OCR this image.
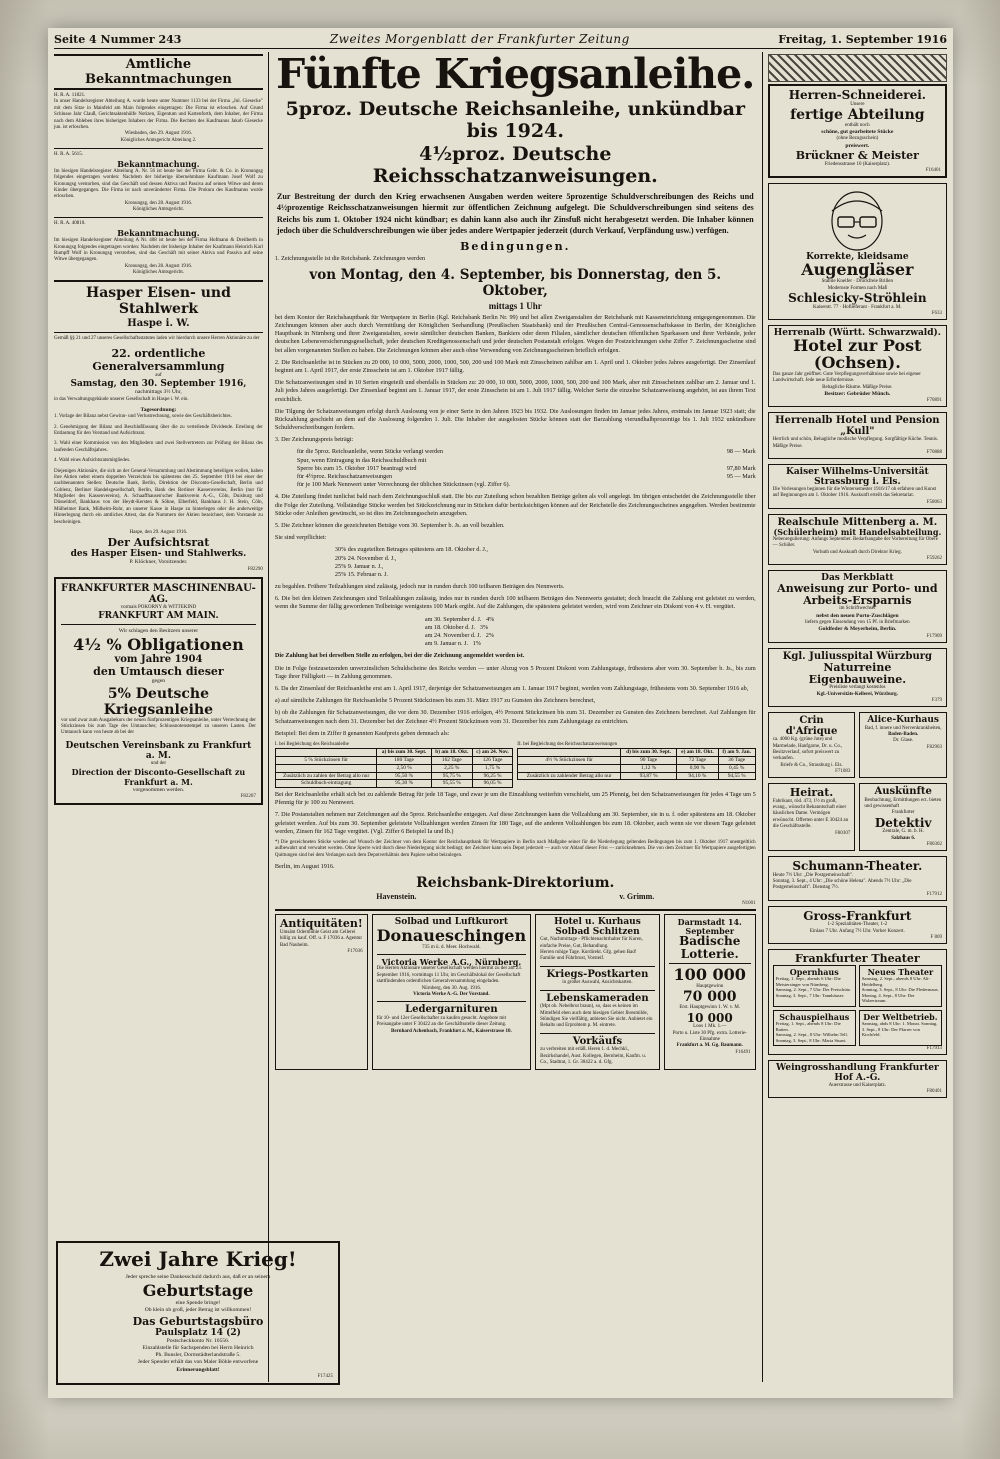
Seite 4 Nummer 243	Zweites Morgenblatt der Frankfurter Zeitung	Freitag, 1. September 1916
Amtliche Bekanntmachungen
H. R. A. 11821.
In unser Handelsregister Abteilung A. wurde heute unter Nummer 1133 bei der Firma „Jul. Giesecke" mit dem Sitze in Mainfeld am Main folgendes eingetragen: Die Firma ist erloschen. Auf Grund Schlusse Jahr Clauß, Gerichtsaktenhülfe Notizen, Eigentum und Kartenforth, dem Inhaber, der Firma nach dem Ableben ihres bisherigen Inhabers der Firma. Die Rechten des Kaufmanns Jakob Giesecke jun. ist erloschen.
Wiesbaden, den 29. August 1916.
Königliches Amtsgericht Abteilung 2.
H. R. A. 5615.
Bekanntmachung.
Im hiesigen Handelsregister Abteilung A. Nr. 56 ist heute bei der Firma Gebr. & Co. in Kronungsg folgendes eingetragen worden: Nachdem der bisherige übernehmbare Kaufmann Josef Wolf zu Kronungsg verstorben, sind das Geschäft und dessen Aktiva und Passiva auf seinen Witwe und deren Kinder übergegangen. Die Firma ist nach unveränderter Firma. Die Prokura des Kaufmanns wurde erloschen.
Kronungsg, den 28. August 1916.
Königliches Amtsgericht.
H. R. A. 40810.
Bekanntmachung.
Im hiesigen Handelsregister Abteilung A Nr. 408 ist heute bei der Firma Hofmann & Dreilberth in Kronungsg folgendes eingetragen worden: Nachdem der bisherige Inhaber der Kaufmann Heinrich Karl Rumpff Wolf in Kronungsg verstorben, sind das Geschäft mit seiner Aktiva und Passiva auf seine Witwe übergegangen.
Kronungsg, den 28. August 1916.
Königliches Amtsgericht.
Hasper Eisen- und Stahlwerk
Haspe i. W.
Gemäß §§ 21 und 27 unseres Gesellschaftsstatutes laden wir hierdurch unsere Herren Aktionäre zu der
22. ordentliche Generalversammlung
auf
Samstag, den 30. September 1916,
nachmittags 3½ Uhr,
in das Verwaltungsgebäude unserer Gesellschaft in Haspe i. W. ein.
Tagesordnung:
1. Vorlage der Bilanz nebst Gewinn- und Verlustrechnung, sowie des Geschäftsberichtes.
2. Genehmigung der Bilanz und Beschlußfassung über die zu verteilende Dividende. Erteilung der Entlastung für den Vorstand und Aufsichtsrat.
3. Wahl einer Kommission von den Mitgliedern und zwei Stellvertretern zur Prüfung der Bilanz des laufenden Geschäftsjahres.
4. Wahl eines Aufsichtsratsmitgliedes.
Diejenigen Aktionäre, die sich an der General-Versammlung und Abstimmung beteiligen wollen, haben ihre Aktien nebst einem doppelten Verzeichnis bis spätestens den 25. September 1916 bei einer der nachbenannten Stellen: Deutsche Bank, Berlin, Direktion der Disconto-Gesellschaft, Berlin und Coblenz, Berliner Handelsgesellschaft, Berlin, Bank des Berliner Kassenvereins, Berlin (nur für Mitglieder des Kassenvereins), A. Schaaffhausen'scher Bankverein A.-G., Cöln, Duisburg und Düsseldorf, Bankhaus von der Heydt-Kersten & Söhne, Elberfeld, Bankhaus J. H. Stein, Cöln, Mülheimer Bank, Mülheim-Ruhr, an unserer Kasse in Haspe zu hinterlegen oder die anderweitige Hinterlegung durch ein amtliches Attest, das die Nummern der Aktien bezeichnet, dem Vorstande zu bescheinigen.
Haspe, den 29. August 1916.
Der Aufsichtsrat
des Hasper Eisen- und Stahlwerks.
P. Klöckner, Vorsitzender.
F82290
FRANKFURTER MASCHINENBAU-AG.
vormals POKORNY & WITTEKIND
FRANKFURT AM MAIN.
Wir schlagen den Besitzern unserer
4½ % Obligationen
vom Jahre 1904
den Umtausch dieser
gegen
5% Deutsche Kriegsanleihe
vor und zwar zum Ausgabekurs der neuen fünfprozentigen Kriegsanleihe, unter Verrechnung der Stückzinsen bis zum Tage des Umtausches; Schlussnotenstempel zu unseren Lasten. Der Umtausch kann von heute ab bei der
Deutschen Vereinsbank zu Frankfurt a. M.
und der
Direction der Disconto-Gesellschaft zu Frankfurt a. M.
vorgenommen werden.
F82267
Fünfte Kriegsanleihe.
5proz. Deutsche Reichsanleihe, unkündbar bis 1924.
4½proz. Deutsche Reichsschatzanweisungen.
Zur Bestreitung der durch den Krieg erwachsenen Ausgaben werden weitere 5prozentige Schuldverschreibungen des Reichs und 4½prozentige Reichsschatzanweisungen hiermit zur öffentlichen Zeichnung aufgelegt. Die Schuldverschreibungen sind seitens des Reichs bis zum 1. Oktober 1924 nicht kündbar; es dahin kann also auch ihr Zinsfuß nicht herabgesetzt werden. Die Inhaber können jedoch über die Schuldverschreibungen wie über jedes andere Wertpapier jederzeit (durch Verkauf, Verpfändung usw.) verfügen.
Bedingungen.
1. Zeichnungsstelle ist die Reichsbank. Zeichnungen werden
von Montag, den 4. September, bis Donnerstag, den 5. Oktober,
mittags 1 Uhr
bei dem Kontor der Reichshauptbank für Wertpapiere in Berlin (Kgl. Reichsbank Berlin Nr. 99) und bei allen Zweiganstalten der Reichsbank mit Kasseneinrichtung entgegengenommen. Die Zeichnungen können aber auch durch Vermittlung der Königlichen Seehandlung (Preußischen Staatsbank) und der Preußischen Central-Genossenschaftskasse in Berlin, der Königlichen Hauptbank in Nürnberg und ihrer Zweiganstalten, sowie sämtlicher deutschen Banken, Bankiers oder deren Filialen, sämtlicher deutschen öffentlichen Sparkassen und ihrer Verbände, jeder deutschen Lebensversicherungsgesellschaft, jeder deutschen Kreditgenossenschaft und jeder deutschen Postanstalt erfolgen. Wegen der Postzeichnungen siehe Ziffer 7. Zeichnungsscheine sind bei allen vorgenannten Stellen zu haben. Die Zeichnungen können aber auch ohne Verwendung von Zeichnungsscheinen brieflich erfolgen.
2. Die Reichsanleihe ist in Stücken zu 20 000, 10 000, 5000, 2000, 1000, 500, 200 und 100 Mark mit Zinsscheinen zahlbar am 1. April und 1. Oktober jedes Jahres ausgefertigt. Der Zinsenlauf beginnt am 1. April 1917, der erste Zinsschein ist am 1. Oktober 1917 fällig.
Die Schatzanweisungen sind in 10 Serien eingeteilt und ebenfalls in Stücken zu: 20 000, 10 000, 5000, 2000, 1000, 500, 200 und 100 Mark, aber mit Zinsscheinen zahlbar am 2. Januar und 1. Juli jedes Jahres ausgefertigt. Der Zinsenlauf beginnt am 1. Januar 1917, der erste Zinsschein ist am 1. Juli 1917 fällig. Welcher Serie die einzelne Schatzanweisung angehört, ist aus ihrem Text ersichtlich.
Die Tilgung der Schatzanweisungen erfolgt durch Auslosung von je einer Serie in den Jahren 1923 bis 1932. Die Auslosungen finden im Januar jedes Jahres, erstmals im Januar 1923 statt; die Rückzahlung geschieht an dem auf die Auslosung folgenden 1. Juli. Die Inhaber der ausgelosten Stücke können statt der Barzahlung vierundhalbprozentige bis 1. Juli 1932 unkündbare Schuldverschreibungen fordern.
3. Der Zeichnungspreis beträgt:
für die 5proz. Reichsanleihe, wenn Stücke verlangt werden	98 — Mark
Spur, wenn Eintragung in das Reichsschuldbuch mit
Sperre bis zum 15. Oktober 1917 beantragt wird	97,80 Mark
für 4½proz. Reichsschatzanweisungen	95 — Mark
für je 100 Mark Nennwert unter Verrechnung der üblichen Stückzinsen (vgl. Ziffer 6).
4. Die Zuteilung findet tunlichst bald nach dem Zeichnungsschluß statt. Die bis zur Zuteilung schon bezahlten Beträge gelten als voll angelegt. Im übrigen entscheidet die Zeichnungsstelle über die Folge der Zuteilung. Vollständige Stücke werden bei Stückzeichnung nur in Stücken dafür berücksichtigen können auf der Reichstelle des Zeichnungsscheines angegeben. Werden bestimmte Stücke oder Anleihen gewünscht, so ist dies im Zeichnungsschein anzugeben.
5. Die Zeichner können die gezeichneten Beträge vom 30. September b. Js. an voll bezahlen.
Sie sind verpflichtet:
30% des zugeteilten Betrages spätestens am 18. Oktober d. J.,
20% 24. November d. J.,
25% 9. Januar n. J.,
25% 15. Februar n. J.
zu begahlen. Frühere Teilzahlungen sind zulässig, jedoch nur in runden durch 100 teilbaren Beträgen des Nennwerts.
6. Die bei den kleinen Zeichnungen sind Teilzahlungen zulässig, indes nur in runden durch 100 teilbaren Beträgen des Nennwerts gestattet; doch braucht die Zahlung erst geleistet zu werden, wenn die Summe der fällig gewordenen Teilbeträge wenigstens 100 Mark ergibt. Auf die Zahlungen, die spätestens geleistet werden, wird vom Zeichner ein Diskont von 4 v. H. vergütet.
am 30. September d. J. 4%
am 18. Oktober d. J. 3%
am 24. November d. J. 2%
am 9. Januar n. J. 1%
Die Zahlung hat bei derselben Stelle zu erfolgen, bei der die Zeichnung angemeldet worden ist.
Die in Folge festzusetzenden unverzinslichen Schuldscheine des Reichs werden — unter Abzug von 5 Prozent Diskont vom Zahlungstage, frühestens aber vom 30. September b. Js., bis zum Tage ihrer Fälligkeit — in Zahlung genommen.
6. Da der Zinsenlauf der Reichsanleihe erst am 1. April 1917, derjenige der Schatzanweisungen am 1. Januar 1917 beginnt, werden vom Zahlungstage, frühestens vom 30. September 1916 ab,
a) auf sämtliche Zahlungen für Reichsanleihe 5 Prozent Stückzinsen bis zum 31. März 1917 zu Gunsten des Zeichners berechnet,
b) ob die Zahlungen für Schatzanweisungen, die vor dem 30. Dezember 1916 erfolgen, 4½ Prozent Stückzinsen bis zum 31. Dezember zu Gunsten des Zeichners berechnet. Auf Zahlungen für Schatzanweisungen nach dem 31. Dezember bei der Zeichner 4½ Prozent Stückzinsen vom 31. Dezember bis zum Zahlungstage zu entrichten.
Beispiel: Bei dem in Ziffer 8 genannten Kaufpreis geben demnach als:
I. bei Begleichung des Reichsanleihe
	a) bis zum 30. Sept.	b) am 18. Okt.	c) am 24. Nov.
5 % Stückzinsen für	180 Tage	162 Tage	126 Tage
	2,50 %	2,25 %	1,75 %
Zusätzlich zu zahlen der Betrag allo nur	95,50 %	95,75 %	96,25 %
Schuldbuch-eintragung	95,30 %	95,55 %	96,05 %
II. bei Begleichung des Reichsschatzanweisungen
	d) bis zum 30. Sept.	e) am 18. Okt.	f) am 9. Jan.
4½ % Stückzinsen für	90 Tage	72 Tage	36 Tage
	1,12 %	0,90 %	0,45 %
Zusätzlich zu zahlender Betrag allo nur	93,87 %	94,10 %	94,55 %
Bei der Reichsanleihe erhält sich bei zu zahlende Betrag für jede 18 Tage, und zwar je um die Einzahlung weiterhin verschiebt, um 25 Pfennig, bei den Schatzanweisungen für jedes 4 Tage um 5 Pfennig für je 100 zu Nennwert.
7. Die Postanstalten nehmen nur Zeichnungen auf die 5proz. Reichsanleihe entgegen. Auf diese Zeichnungen kann die Vollzahlung am 30. September, sie in u. f. oder spätestens am 18. Oktober geleistet werden. Auf bis zum 30. September geleistete Vollzahlungen werden Zinsen für 180 Tage, auf die anderen Vollzahlungen bis zum 18. Oktober, auch wenn sie vor diesen Tage geleistet werden, Zinsen für 162 Tage vergütet. (Vgl. Ziffer 6 Beispiel Ia und Ib.)
*) Die gezeichneten Stücke werden auf Wunsch der Zeichner von dem Kontor der Reichshauptbank für Wertpapiere in Berlin nach Maßgabe seiner für die Niederlegung geltenden Bedingungen bis zum 1. Oktober 1917 unentgeltlich aufbewahrt und verwaltet werden. Ohne Sperre wird durch diese Niederlegung nicht bedingt; der Zeichner kann sein Depot jederzeit — auch vor Ablauf dieser Frist — zurücknehmen. Die von dem Zeichner für Wertpapiere ausgefertigten Quittungen sind bei dem Verlangen nach dem Depotverhältnis dem Papiere selbst beizulegen.
Berlin, im August 1916.
Reichsbank-Direktorium.
Havenstein.	v. Grimm.
N1001
Antiquitäten!
Umsäm Odermühle Geist am Cellerei billig zu kauf. Off. u. F 17036 a. Agentur Bad Nauheim.
F17036
Solbad und Luftkurort
Donaueschingen
735 m ü. d. Meer. Hochwald.
Victoria Werke A.G., Nürnberg.
Die Herren Aktionäre unserer Gesellschaft werden hiermit zu der am 23. September 1916, vormittags 11 Uhr, im Geschäftslokal der Gesellschaft stattfindenden ordentlichen Generalversammlung eingeladen.
Nürnberg, den 30. Aug. 1916.
Victoria Werke A.-G. Der Vorstand.
Ledergarnituren
für 10- und 12er Gesellschafter zu kaufen gesucht. Angebote mit Preisangabe unter F 30422 an die Geschäftsstelle dieser Zeitung.
Bernhard Achenbach, Frankfurt a. M., Kaiserstrasse 10.
Hotel u. Kurhaus Solbad Schlitzen
Gut, Nachtmittage - Pflichtenachtrhalter für Kuren, einfache Preise, Gut, Behandlung.
Herren ruhige Tage. Kurdirekt. Gfg. gehen Bad!
Familie und Führbrust, Vorsteif.
Kriegs-Postkarten
in großer Auswahl, Ansichtskarten.
Lebenskameraden
(Mpt ob. Nebelbrut braun), so, dass es keinen im Mittelfeld eben auch dem hiesigen Gebiet Jhresmilde, Stündigen Sie vielfältig, anbieten Sie nicht. Anbietet ein Behalts und Erprobtem p. M. eintrete.
Vorkäufs
zu verbreiten mit erläß. Heren 1. d. Mechkl., Bezirkshandel, Aust. Kollegen, Bernheim, Kaufm. u. Co., Stadtrat, 1. Gr. 30422 a. d. Gfg.
Darmstadt 14. September
Badische Lotterie.
100 000
Hauptgewinn
70 000
Erst. Hauptgewinn 1. W. v. M.
10 000
Loos 1 Mk. 1.—
Porto u. Liste 30 Pfg. extra. Lotterie-Einnahme
Frankfurt a. M. Gg. Baumann.
F16491
Herren-Schneiderei.
Unsere
fertige Abteilung
enthält noch
schöne, gut gearbeitete Stücke
(ohne Bezugsschein)
preiswert.
Brückner & Meister
Friedensstrasse 10 (Kaiserplatz).
F16401
Korrekte, kleidsame
Augengläser
Stabile Kneifer · Druckfreie Brillen
Modernste Formen nach Maß
Schlesicky-Ströhlein
Kaiserstr. 77 · Hoflieferant · Frankfurt a. M.
F633
Herrenalb (Württ. Schwarzwald).
Hotel zur Post (Ochsen).
Das ganze Jahr geöffnet. Gute Verpflegungsverhältnisse sowie bei eigener Landwirtschaft. Jede neue Erfordernisse.
Behagliche Räume. Mäßige Preise.
Besitzer: Gebrüder Münch.
F70891
Herrenalb Hotel und Pension „Kull"
Herrlich und schön, Behagliche modische Verpflegung. Sorgfältige Küche. Tennis. Mäßige Preise.
F70888
Kaiser Wilhelms-Universität Strassburg i. Els.
Die Vorlesungen beginnen für die Wintersemester 1916/17 ob erfahren und Kunst auf Beginnungen am 1. Oktober 1916. Auskunft erteilt das Sekretariat.
F58063
Realschule Mittenberg a. M.
(Schülerheim) mit Handelsabteilung.
Nebenregulierung: Anfangs September. Bedarfsangabe der Vorbereitung für Obere — Schüler.
Vorhuth und Auskunft durch Direktor Krieg.
F59262
Das Merkblatt
Anweisung zur Porto- und Arbeits-Ersparnis
im Schriftwechsel
nebst den neuen Porto-Zuschlägen
liefern gegen Einsendung von 15 Pf. in Briefmarken
Goldfeder & Meyerheim, Berlin.
F17909
Kgl. Juliusspital Würzburg
Naturreine Eigenbauweine.
Preisliste verlangt kostenlos
Kgl.-Universitäts-Kellerei, Würzburg.
F379
Crin d'Afrique
ca. 4000 Kg. (grüne Jute) und Marmelade, Hanfgarne, Dr. u. Co., Besitzverlauf, sofort preiswert zu verkaufen.
Briefe & Co., Strassburg i. Els.
F71083
Alice-Kurhaus
Bad, f. innere und Nervenkrankheiten,
Baden-Baden.
Dr. Glase.
F82903
Heirat.
Fabrikant, röd. 473, 1½ m groß, evang., wünscht Bekanntschaft einer häuslichen Dame. Vermögen erwünscht. Offerten unter E 30424 an die Geschäftsstelle.
F80307
Auskünfte
Beobachtung, Ermittlungen ect. bieten und gewissenhaft
Frankfurter
Detektiv
Zentrale, G. m. b. H.
Salzhaus 6.
F80302
Schumann-Theater.
Heute 7½ Uhr: „Die Postgemeinschaft".
Sonntag, 3. Sept., 4 Uhr: „Die schöne Helena". Abends 7½ Uhr: „Die Postgemeinschaft". Dienstag 7½.
F17912
Gross-Frankfurt
1-2 Spezialitäten-Theater, 1-2
Einlass 7 Uhr. Anfang 7½ Uhr. Vorher Konzert.
F 869
Frankfurter Theater
Opernhaus
Freitag, 1. Sept., abends 6 Uhr: Die Meistersinger von Nürnberg.
Samstag, 2. Sept., 7 Uhr: Der Freischütz.
Sonntag, 3. Sept., 7 Uhr: Tannhäuser.
Neues Theater
Samstag, 2. Sept., abends 8 Uhr: Alt-Heidelberg.
Sonntag, 3. Sept., 8 Uhr: Die Fledermaus.
Montag, 4. Sept., 8 Uhr: Der Walzertraum.
Schauspielhaus
Freitag, 1. Sept., abends 8 Uhr: Die Ratten.
Samstag, 2. Sept., 8 Uhr: Wilhelm Tell.
Sonntag, 3. Sept., 8 Uhr: Maria Stuart.
Der Weltbetrieb.
Samstag, abds 8 Uhr: 1. Monat. Sonntag, 3. Sept., 8 Uhr: Der Pfarrer von Kirchfeld.
F17913
Weingrosshandlung Frankfurter Hof A.-G.
Auerstrasse und Kaiserplatz.
F80401
Zwei Jahre Krieg!
Jeder spreche seine Dankesschuld dadurch aus, daß er an seinem
Geburtstage
eine Spende bringe!
Ob klein ob groß, jeder Betrag ist willkommen!
Das Geburtstagsbüro
Paulsplatz 14 (2)
Postscheckkonto Nr. 10556.
Einzahlstelle für Sachspenden bei Herrn Heinrich
Ph. Bunsler, Dormstädterlandstraße 5.
Jeder Spender erhält das von Maler Böhle entworfene
Erinnerungsblatt!
F17425
